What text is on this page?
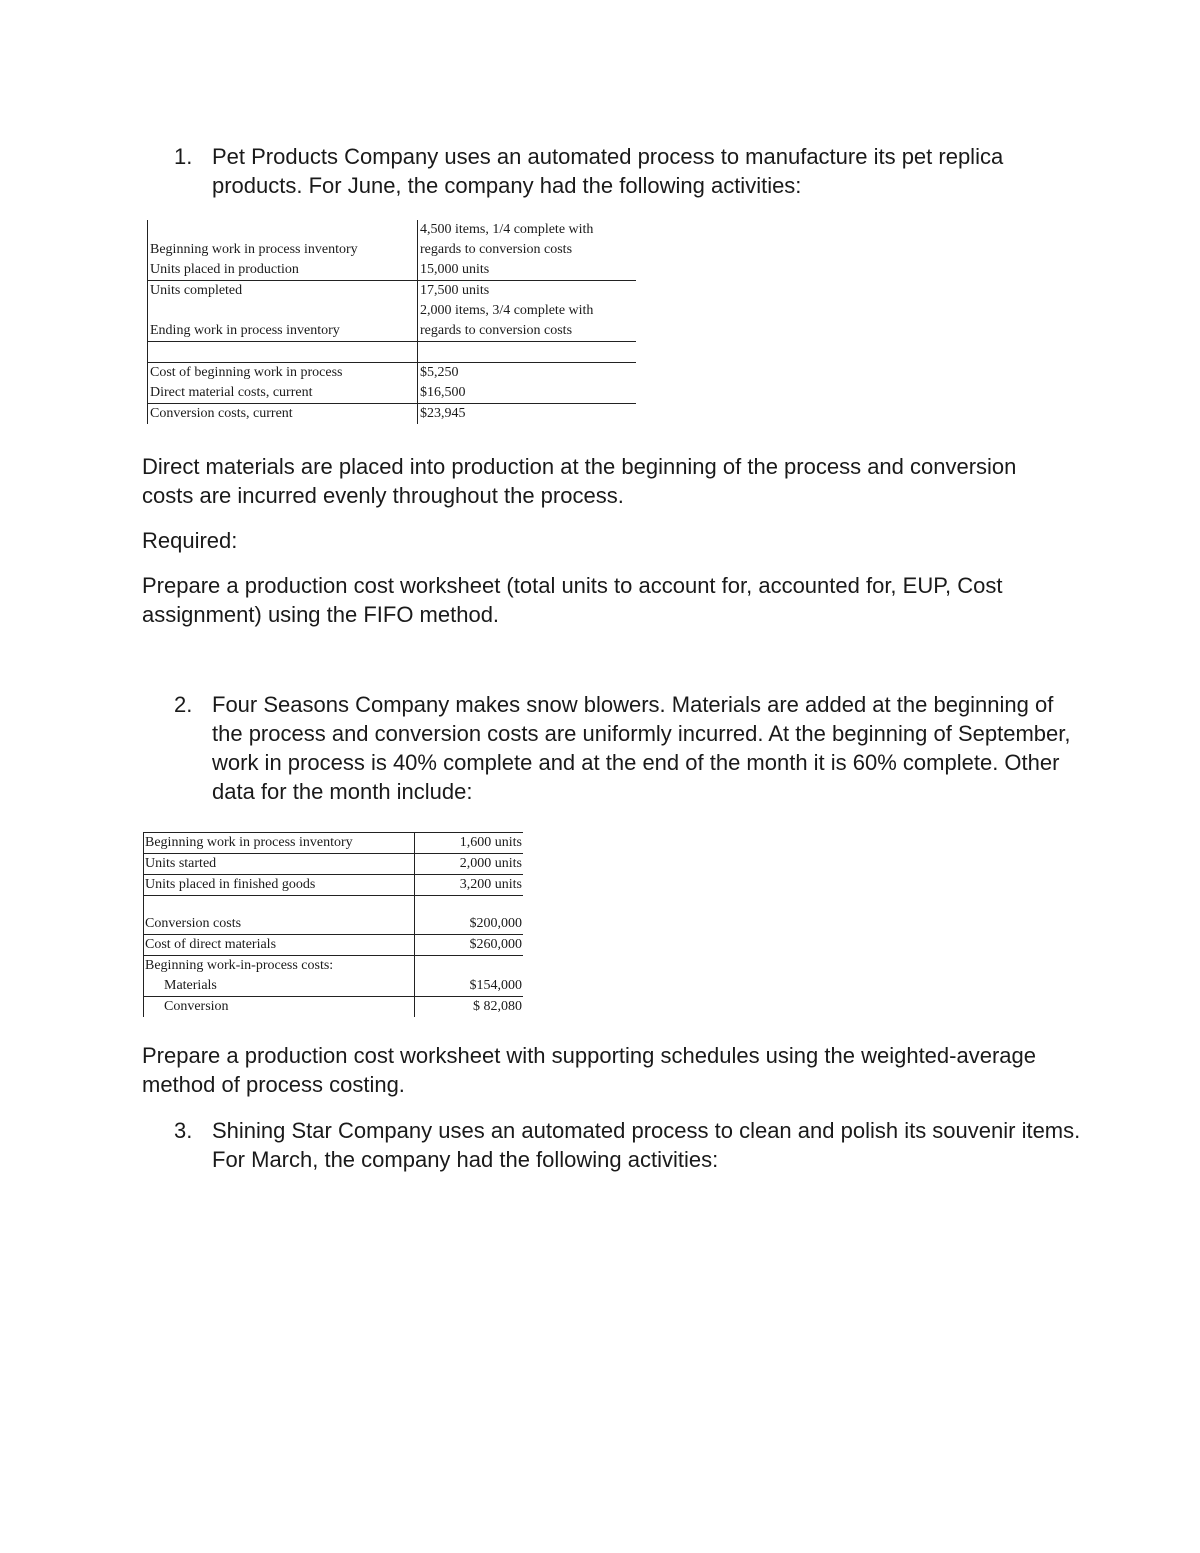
1. Pet Products Company uses an automated process to manufacture its pet replica products. For June, the company had the following activities:
Beginning work in process inventory	4,500 items, 1/4 complete with
regards to conversion costs

Units placed in production	15,000 units
Units completed	17,500 units
Ending work in process inventory	2,000 items, 3/4 complete with
regards to conversion costs

Cost of beginning work in process	$5,250
Direct material costs, current	$16,500
Conversion costs, current	$23,945
Direct materials are placed into production at the beginning of the process and conversion costs are incurred evenly throughout the process.
Required:
Prepare a production cost worksheet (total units to account for, accounted for, EUP, Cost assignment) using the FIFO method.
2. Four Seasons Company makes snow blowers. Materials are added at the beginning of the process and conversion costs are uniformly incurred. At the beginning of September, work in process is 40% complete and at the end of the month it is 60% complete. Other data for the month include:
Beginning work in process inventory	1,600 units
Units started	2,000 units
Units placed in finished goods	3,200 units
Conversion costs	$200,000
Cost of direct materials	$260,000
Beginning work-in-process costs:	
Materials	$154,000
Conversion	$ 82,080
Prepare a production cost worksheet with supporting schedules using the weighted-average method of process costing.
3. Shining Star Company uses an automated process to clean and polish its souvenir items. For March, the company had the following activities:
